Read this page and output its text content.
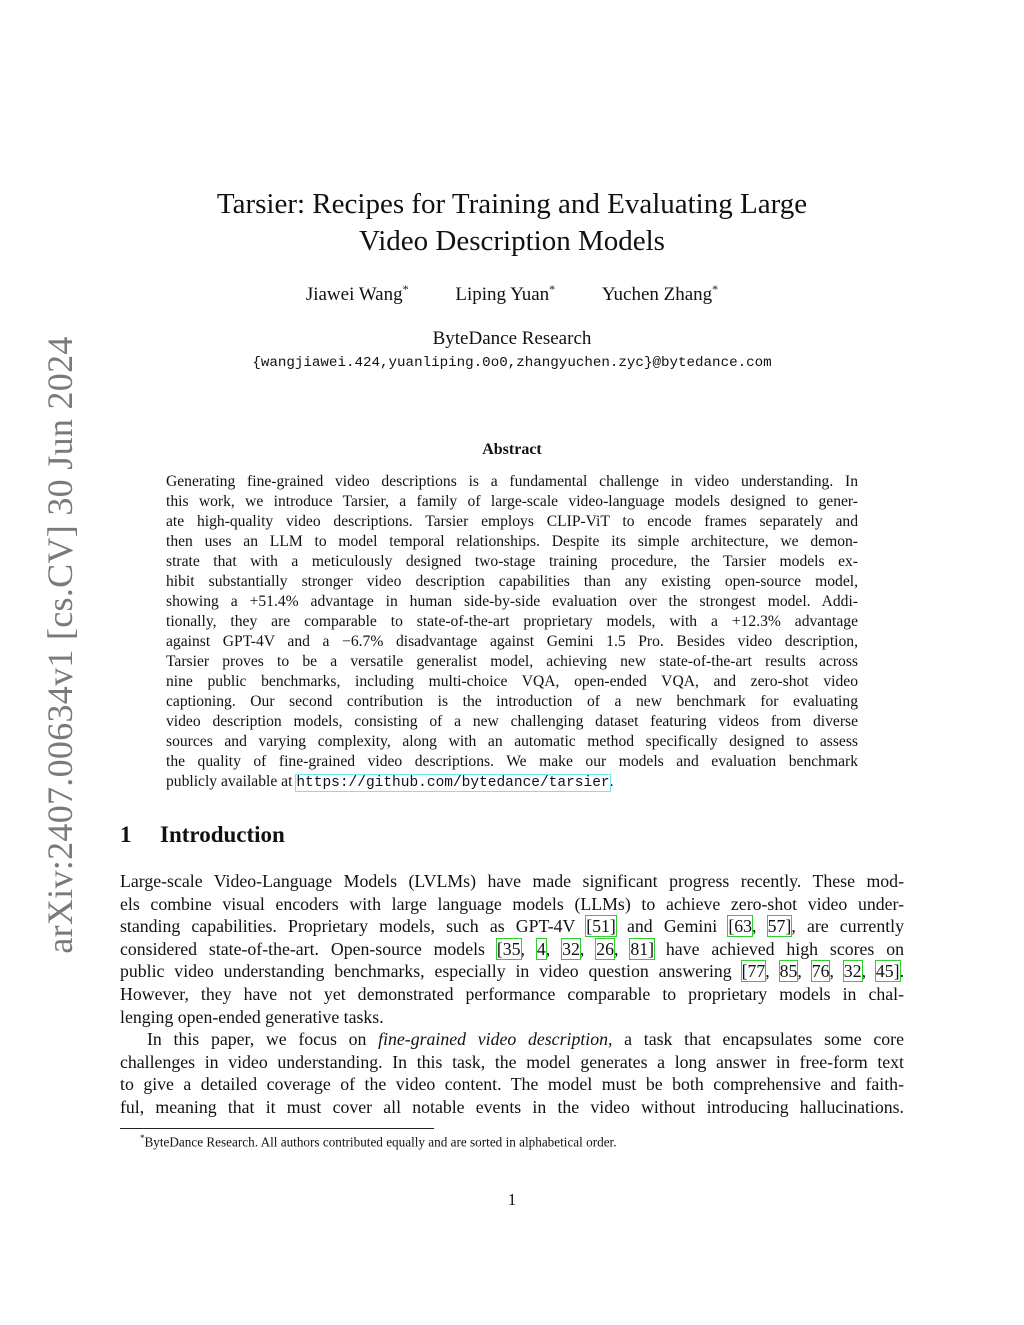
arXiv:2407.00634v1 [cs.CV] 30 Jun 2024
Tarsier: Recipes for Training and Evaluating Large
Video Description Models
Jiawei Wang* Liping Yuan* Yuchen Zhang*
ByteDance Research
{wangjiawei.424,yuanliping.0o0,zhangyuchen.zyc}@bytedance.com
Abstract
Generating fine-grained video descriptions is a fundamental challenge in video understanding. In
this work, we introduce Tarsier, a family of large-scale video-language models designed to gener-
ate high-quality video descriptions. Tarsier employs CLIP-ViT to encode frames separately and
then uses an LLM to model temporal relationships. Despite its simple architecture, we demon-
strate that with a meticulously designed two-stage training procedure, the Tarsier models ex-
hibit substantially stronger video description capabilities than any existing open-source model,
showing a +51.4% advantage in human side-by-side evaluation over the strongest model. Addi-
tionally, they are comparable to state-of-the-art proprietary models, with a +12.3% advantage
against GPT-4V and a −6.7% disadvantage against Gemini 1.5 Pro. Besides video description,
Tarsier proves to be a versatile generalist model, achieving new state-of-the-art results across
nine public benchmarks, including multi-choice VQA, open-ended VQA, and zero-shot video
captioning. Our second contribution is the introduction of a new benchmark for evaluating
video description models, consisting of a new challenging dataset featuring videos from diverse
sources and varying complexity, along with an automatic method specifically designed to assess
the quality of fine-grained video descriptions. We make our models and evaluation benchmark
publicly available at https://github.com/bytedance/tarsier.
1 Introduction
Large-scale Video-Language Models (LVLMs) have made significant progress recently. These mod-
els combine visual encoders with large language models (LLMs) to achieve zero-shot video under-
standing capabilities. Proprietary models, such as GPT-4V [51] and Gemini [63, 57], are currently
considered state-of-the-art. Open-source models [35, 4, 32, 26, 81] have achieved high scores on
public video understanding benchmarks, especially in video question answering [77, 85, 76, 32, 45].
However, they have not yet demonstrated performance comparable to proprietary models in chal-
lenging open-ended generative tasks.
In this paper, we focus on fine-grained video description, a task that encapsulates some core
challenges in video understanding. In this task, the model generates a long answer in free-form text
to give a detailed coverage of the video content. The model must be both comprehensive and faith-
ful, meaning that it must cover all notable events in the video without introducing hallucinations.
*ByteDance Research. All authors contributed equally and are sorted in alphabetical order.
1
